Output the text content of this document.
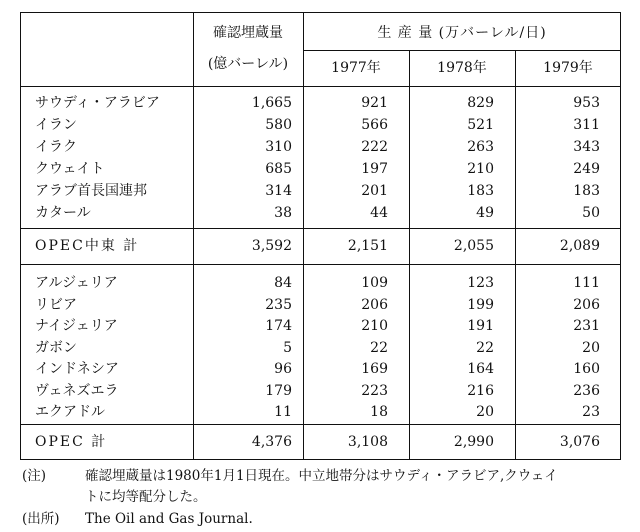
確認埋蔵量
(億バーレル)
生 産 量 (万バーレル/日)
1977年	1978年	1979年
サウディ・アラビア	1,665	921	829	953
イラン	580	566	521	311
イラク	310	222	263	343
クウェイト	685	197	210	249
アラブ首長国連邦	314	201	183	183
カタール	38	44	49	50
OPEC中東 計	3,592	2,151	2,055	2,089
アルジェリア	84	109	123	111
リビア	235	206	199	206
ナイジェリア	174	210	191	231
ガボン	5	22	22	20
インドネシア	96	169	164	160
ヴェネズエラ	179	223	216	236
エクアドル	11	18	20	23
OPEC 計	4,376	3,108	2,990	3,076
(注)	確認埋蔵量は1980年1月1日現在。中立地帯分はサウディ・アラビア,クウェイ
トに均等配分した。
(出所) The Oil and Gas Journal.
